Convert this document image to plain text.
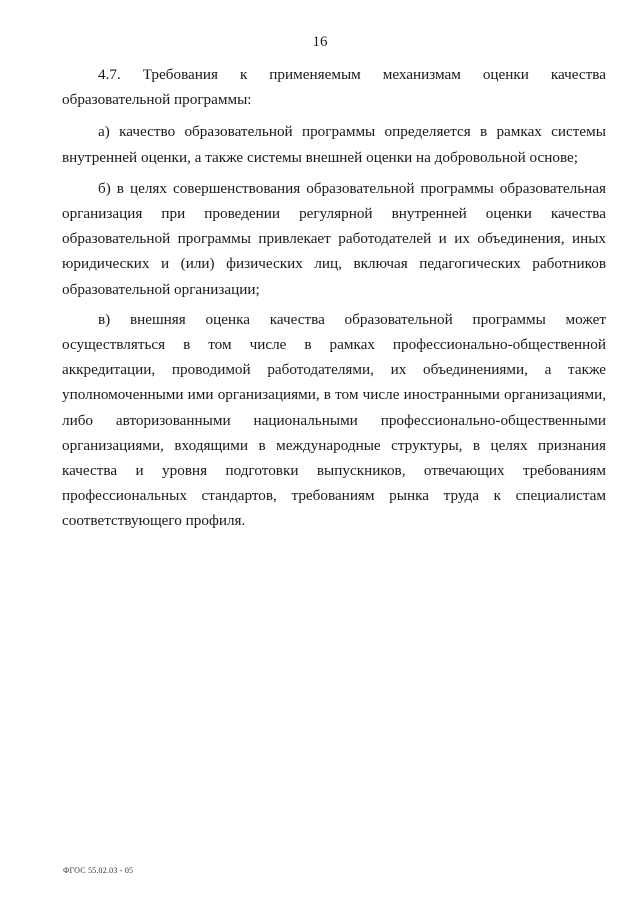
16

4.7. Требования к применяемым механизмам оценки качества образовательной программы:

а) качество образовательной программы определяется в рамках системы внутренней оценки, а также системы внешней оценки на добровольной основе;

б) в целях совершенствования образовательной программы образовательная организация при проведении регулярной внутренней оценки качества образовательной программы привлекает работодателей и их объединения, иных юридических и (или) физических лиц, включая педагогических работников образовательной организации;

в) внешняя оценка качества образовательной программы может осуществляться в том числе в рамках профессионально-общественной аккредитации, проводимой работодателями, их объединениями, а также уполномоченными ими организациями, в том числе иностранными организациями, либо авторизованными национальными профессионально-общественными организациями, входящими в международные структуры, в целях признания качества и уровня подготовки выпускников, отвечающих требованиям профессиональных стандартов, требованиям рынка труда к специалистам соответствующего профиля.

ФГОС 55.02.03 - 05
